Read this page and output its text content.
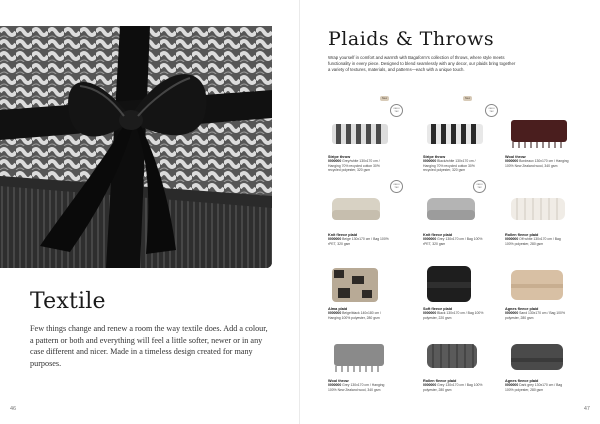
Textile

Few things change and renew a room the way textile does. Add a colour, a pattern or both and everything will feel a little softer, newer or in any case different and nicer. Made in a timeless design created for many purposes.

46
Plaids & Throws

Wrap yourself in comfort and warmth with Bagaform's collection of throws, where style meets functionality in every piece. Designed to blend seamlessly with any decor, our plaids bring together a variety of textures, materials, and patterns—each with a unique touch.

New
OEKO TEX
Stripe throw
0000000 Grey/white 130x170 cm / Hanging 70% recycled cotton 30% recycled polyester, 320 gsm
New
OEKO TEX
Stripe throw
0000000 Black/white 130x170 cm / Hanging 70% recycled cotton 30% recycled polyester, 320 gsm
Wool throw
0000000 Bordeaux 130x170 cm / Hanging 100% New Zealand wool, 340 gsm
OEKO TEX
Knit fleece plaid
0000000 Beige 130x170 cm / Bag 100% rPET, 320 gsm
OEKO TEX
Knit fleece plaid
0000000 Grey 130x170 cm / Bag 100% rPET, 320 gsm
Rollen fleece plaid
0000000 Off white 130x170 cm / Bag 100% polyester, 280 gsm
Alma plaid
0000000 Beige/black 140x180 cm / Hanging 100% polyester, 280 gsm
Soft fleece plaid
0000000 Black 130x170 cm / Bag 100% polyester, 220 gsm
Agnes fleece plaid
0000000 Sand 130x170 cm / Bag 100% polyester, 280 gsm
Wool throw
0000000 Grey 130x170 cm / Hanging 100% New Zealand wool, 340 gsm
Rollen fleece plaid
0000000 Grey 130x170 cm / Bag 100% polyester, 280 gsm
Agnes fleece plaid
0000000 Dark grey 130x170 cm / Bag 100% polyester, 280 gsm
47
